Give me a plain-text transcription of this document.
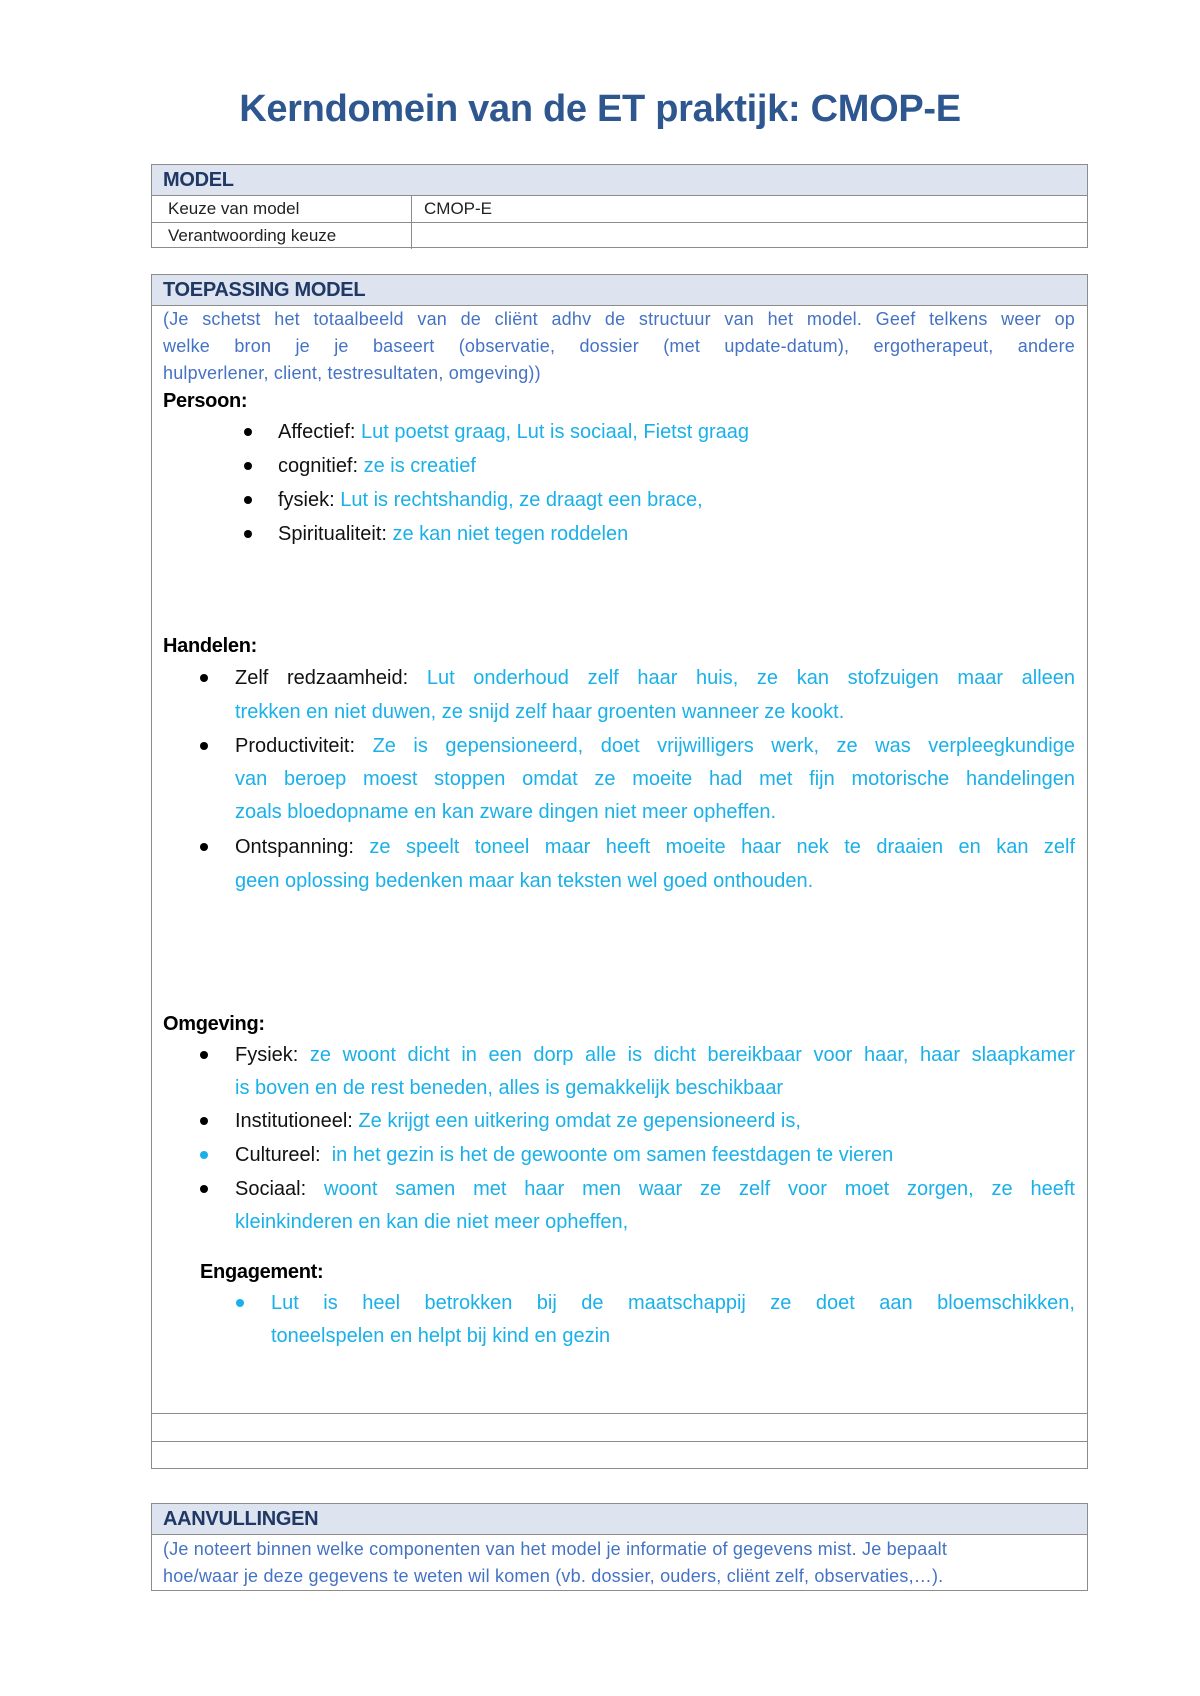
Kerndomein van de ET praktijk: CMOP-E
MODEL
Keuze van model	CMOP-E
Verantwoording keuze
TOEPASSING MODEL
(Je schetst het totaalbeeld van de cliënt adhv de structuur van het model. Geef telkens weer op
welke bron je je baseert (observatie, dossier (met update-datum), ergotherapeut, andere
hulpverlener, client, testresultaten, omgeving))
Persoon:
Affectief: Lut poetst graag, Lut is sociaal, Fietst graag
cognitief: ze is creatief
fysiek: Lut is rechtshandig, ze draagt een brace,
Spiritualiteit: ze kan niet tegen roddelen
Handelen:
Zelf redzaamheid: Lut onderhoud zelf haar huis, ze kan stofzuigen maar alleen
trekken en niet duwen, ze snijd zelf haar groenten wanneer ze kookt.
Productiviteit: Ze is gepensioneerd, doet vrijwilligers werk, ze was verpleegkundige
van beroep moest stoppen omdat ze moeite had met fijn motorische handelingen
zoals bloedopname en kan zware dingen niet meer opheffen.
Ontspanning: ze speelt toneel maar heeft moeite haar nek te draaien en kan zelf
geen oplossing bedenken maar kan teksten wel goed onthouden.
Omgeving:
Fysiek: ze woont dicht in een dorp alle is dicht bereikbaar voor haar, haar slaapkamer
is boven en de rest beneden, alles is gemakkelijk beschikbaar
Institutioneel: Ze krijgt een uitkering omdat ze gepensioneerd is,
Cultureel: in het gezin is het de gewoonte om samen feestdagen te vieren
Sociaal: woont samen met haar men waar ze zelf voor moet zorgen, ze heeft
kleinkinderen en kan die niet meer opheffen,
Engagement:
Lut is heel betrokken bij de maatschappij ze doet aan bloemschikken,
toneelspelen en helpt bij kind en gezin
AANVULLINGEN
(Je noteert binnen welke componenten van het model je informatie of gegevens mist. Je bepaalt
hoe/waar je deze gegevens te weten wil komen (vb. dossier, ouders, cliënt zelf, observaties,…).
